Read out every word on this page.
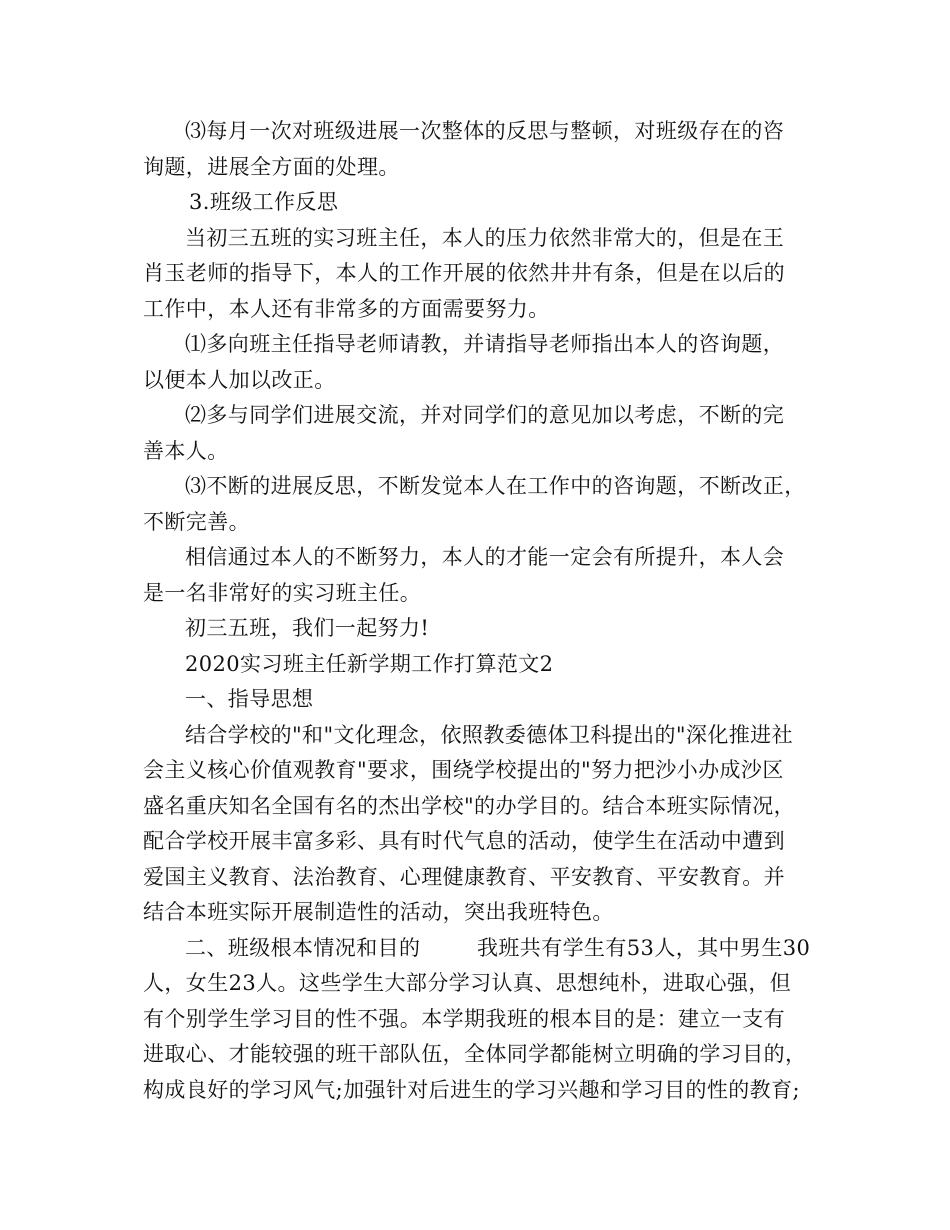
⑶每月一次对班级进展一次整体的反思与整顿，对班级存在的咨
询题，进展全方面的处理。
3.班级工作反思
当初三五班的实习班主任，本人的压力依然非常大的，但是在王
肖玉老师的指导下，本人的工作开展的依然井井有条，但是在以后的
工作中，本人还有非常多的方面需要努力。
⑴多向班主任指导老师请教，并请指导老师指出本人的咨询题，
以便本人加以改正。
⑵多与同学们进展交流，并对同学们的意见加以考虑，不断的完
善本人。
⑶不断的进展反思，不断发觉本人在工作中的咨询题，不断改正，
不断完善。
相信通过本人的不断努力，本人的才能一定会有所提升，本人会
是一名非常好的实习班主任。
初三五班，我们一起努力!
2020实习班主任新学期工作打算范文2
一、指导思想
结合学校的"和"文化理念，依照教委德体卫科提出的"深化推进社
会主义核心价值观教育"要求，围绕学校提出的"努力把沙小办成沙区
盛名重庆知名全国有名的杰出学校"的办学目的。结合本班实际情况，
配合学校开展丰富多彩、具有时代气息的活动，使学生在活动中遭到
爱国主义教育、法治教育、心理健康教育、平安教育、平安教育。并
结合本班实际开展制造性的活动，突出我班特色。
二、班级根本情况和目的        我班共有学生有53人，其中男生30
人，女生23人。这些学生大部分学习认真、思想纯朴，进取心强，但
有个别学生学习目的性不强。本学期我班的根本目的是：建立一支有
进取心、才能较强的班干部队伍，全体同学都能树立明确的学习目的，
构成良好的学习风气;加强针对后进生的学习兴趣和学习目的性的教育;
